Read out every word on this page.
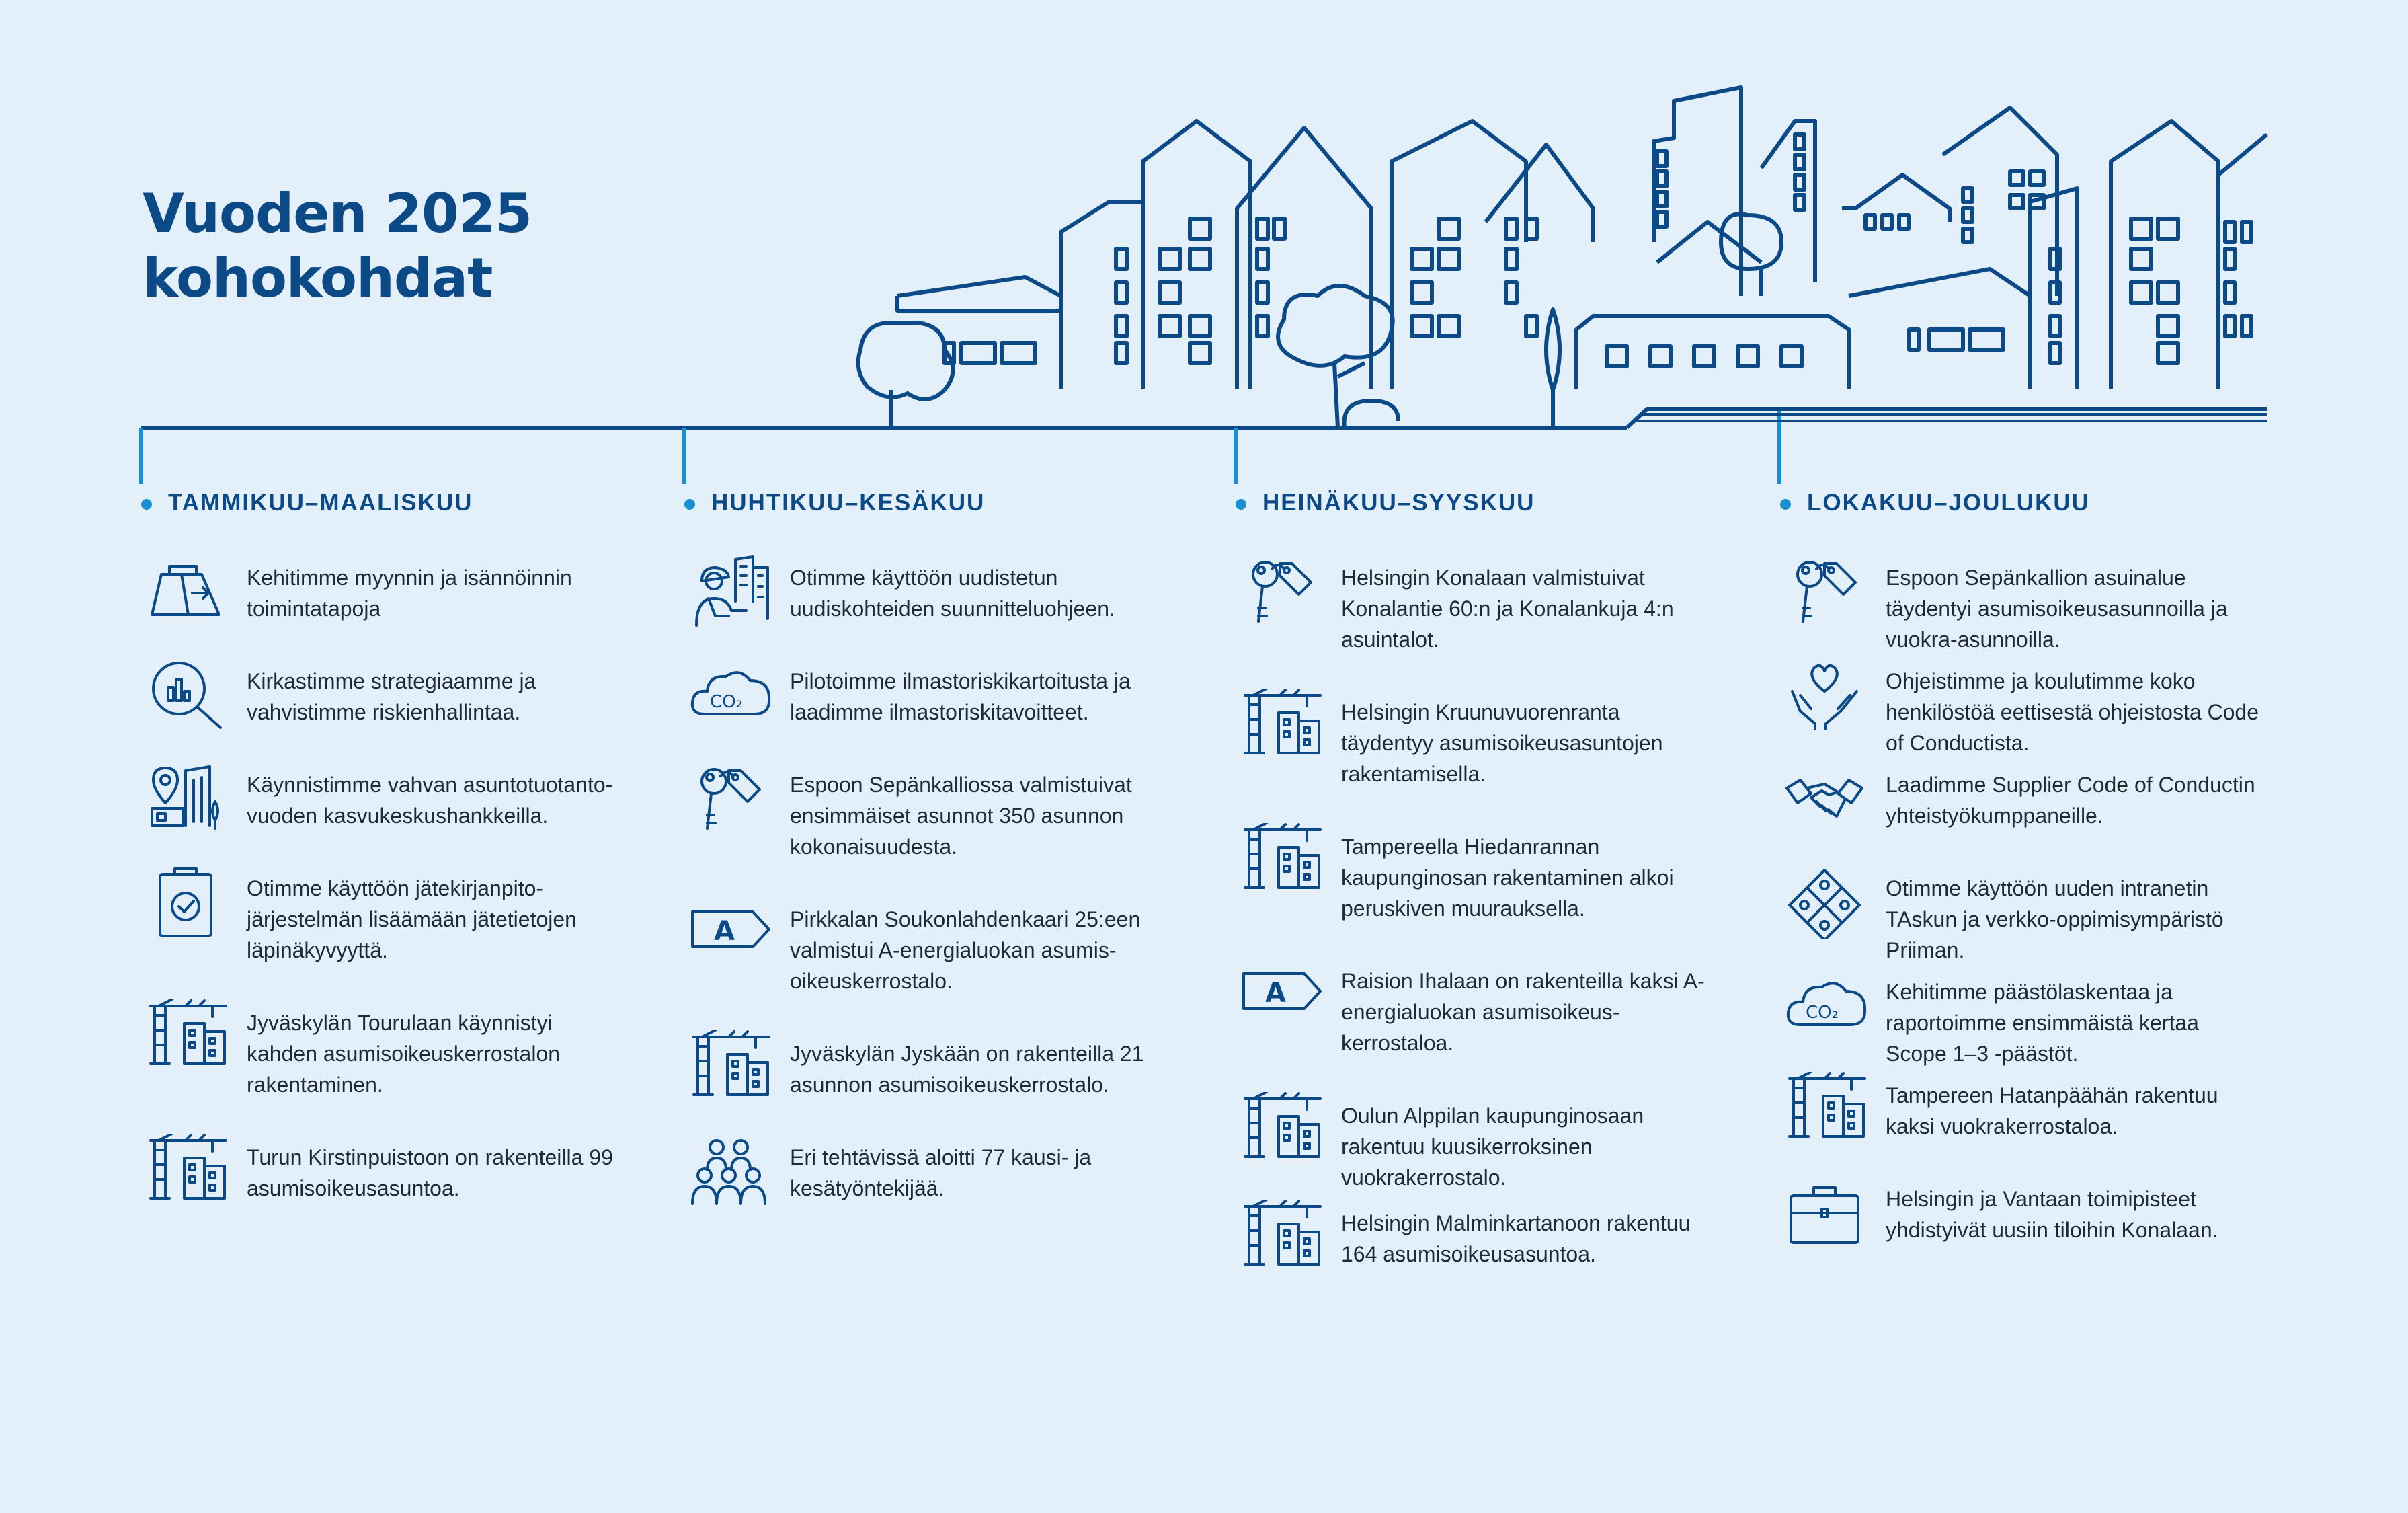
Vuoden 2025
kohokohdat
TAMMIKUU–MAALISKUU

Kehitimme myynnin ja isännöinnin toimintatapoja

Kirkastimme strategiaamme ja vahvistimme riskienhallintaa.

Käynnistimme vahvan asuntotuotanto-vuoden kasvukeskushankkeilla.

Otimme käyttöön jätekirjanpito-järjestelmän lisäämään jätetietojen läpinäkyvyyttä.

Jyväskylän Tourulaan käynnistyi kahden asumisoikeuskerrostalon rakentaminen.

Turun Kirstinpuistoon on rakenteilla 99 asumisoikeusasuntoa.

HUHTIKUU–KESÄKUU

Otimme käyttöön uudistetun uudiskohteiden suunnitteluohjeen.

CO₂

Pilotoimme ilmastoriskikartoitusta ja laadimme ilmastoriskitavoitteet.

Espoon Sepänkalliossa valmistuivat ensimmäiset asunnot 350 asunnon kokonaisuudesta.

A	Pirkkalan Soukonlahdenkaari 25:een valmistui A-energialuokan asumis-oikeuskerrostalo.

Jyväskylän Jyskään on rakenteilla 21 asunnon asumisoikeuskerrostalo.

Eri tehtävissä aloitti 77 kausi- ja kesätyöntekijää.

HEINÄKUU–SYYSKUU

Helsingin Konalaan valmistuivat Konalantie 60:n ja Konalankuja 4:n asuintalot.

Helsingin Kruunuvuorenranta täydentyy asumisoikeusasuntojen rakentamisella.

Tampereella Hiedanrannan kaupunginosan rakentaminen alkoi peruskiven muurauksella.

A	Raision Ihalaan on rakenteilla kaksi A-energialuokan asumisoikeus-kerrostaloa.

Oulun Alppilan kaupunginosaan rakentuu kuusikerroksinen vuokrakerrostalo.

Helsingin Malminkartanoon rakentuu 164 asumisoikeusasuntoa.

LOKAKUU–JOULUKUU

Espoon Sepänkallion asuinalue täydentyi asumisoikeusasunnoilla ja vuokra-asunnoilla.

Ohjeistimme ja koulutimme koko henkilöstöä eettisestä ohjeistosta Code of Conductista.

Laadimme Supplier Code of Conductin yhteistyökumppaneille.

Otimme käyttöön uuden intranetin TAskun ja verkko-oppimisympäristö Priiman.

CO₂

Kehitimme päästölaskentaa ja raportoimme ensimmäistä kertaa Scope 1–3 -päästöt.

Tampereen Hatanpäähän rakentuu kaksi vuokrakerrostaloa.

Helsingin ja Vantaan toimipisteet yhdistyivät uusiin tiloihin Konalaan.
